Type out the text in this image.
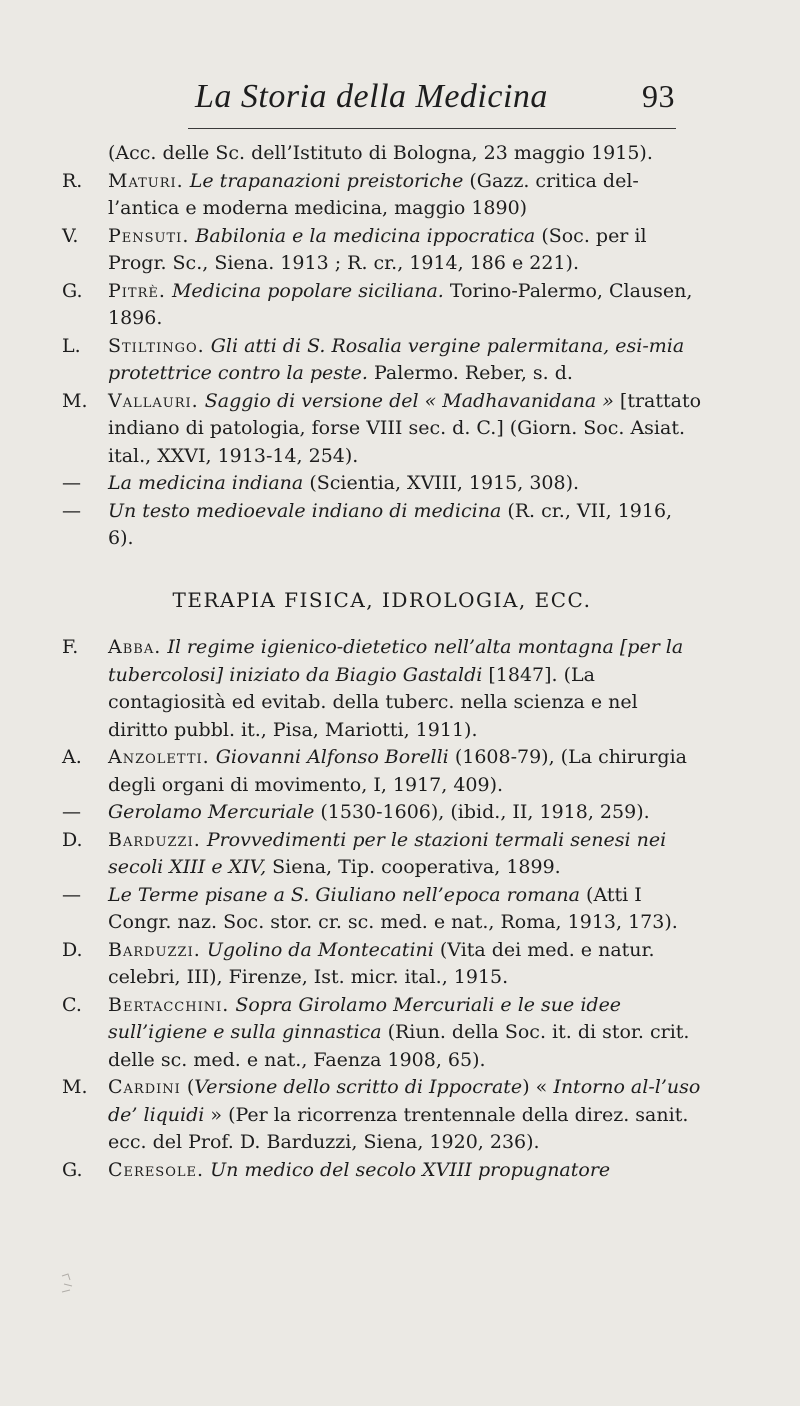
La Storia della Medicina	93
(Acc. delle Sc. dell’Istituto di Bologna, 23 maggio 1915).
R.	Maturi. Le trapanazioni preistoriche (Gazz. critica del-l’antica e moderna medicina, maggio 1890)
V.	Pensuti. Babilonia e la medicina ippocratica (Soc. per il Progr. Sc., Siena. 1913 ; R. cr., 1914, 186 e 221).
G.	Pitrè. Medicina popolare siciliana. Torino-Palermo, Clausen, 1896.
L.	Stiltingo. Gli atti di S. Rosalia vergine palermitana, esi-mia protettrice contro la peste. Palermo. Reber, s. d.
M.	Vallauri. Saggio di versione del « Madhavanidana » [trattato indiano di patologia, forse VIII sec. d. C.] (Giorn. Soc. Asiat. ital., XXVI, 1913-14, 254).
—	La medicina indiana (Scientia, XVIII, 1915, 308).
—	Un testo medioevale indiano di medicina (R. cr., VII, 1916, 6).
TERAPIA FISICA, IDROLOGIA, ECC.
F.	Abba. Il regime igienico-dietetico nell’alta montagna [per la tubercolosi] iniziato da Biagio Gastaldi [1847]. (La contagiosità ed evitab. della tuberc. nella scienza e nel diritto pubbl. it., Pisa, Mariotti, 1911).
A.	Anzoletti. Giovanni Alfonso Borelli (1608-79), (La chirurgia degli organi di movimento, I, 1917, 409).
—	Gerolamo Mercuriale (1530-1606), (ibid., II, 1918, 259).
D.	Barduzzi. Provvedimenti per le stazioni termali senesi nei secoli XIII e XIV, Siena, Tip. cooperativa, 1899.
—	Le Terme pisane a S. Giuliano nell’epoca romana (Atti I Congr. naz. Soc. stor. cr. sc. med. e nat., Roma, 1913, 173).
D.	Barduzzi. Ugolino da Montecatini (Vita dei med. e natur. celebri, III), Firenze, Ist. micr. ital., 1915.
C.	Bertacchini. Sopra Girolamo Mercuriali e le sue idee sull’igiene e sulla ginnastica (Riun. della Soc. it. di stor. crit. delle sc. med. e nat., Faenza 1908, 65).
M.	Cardini (Versione dello scritto di Ippocrate) « Intorno al-l’uso de’ liquidi » (Per la ricorrenza trentennale della direz. sanit. ecc. del Prof. D. Barduzzi, Siena, 1920, 236).
G.	Ceresole. Un medico del secolo XVIII propugnatore
